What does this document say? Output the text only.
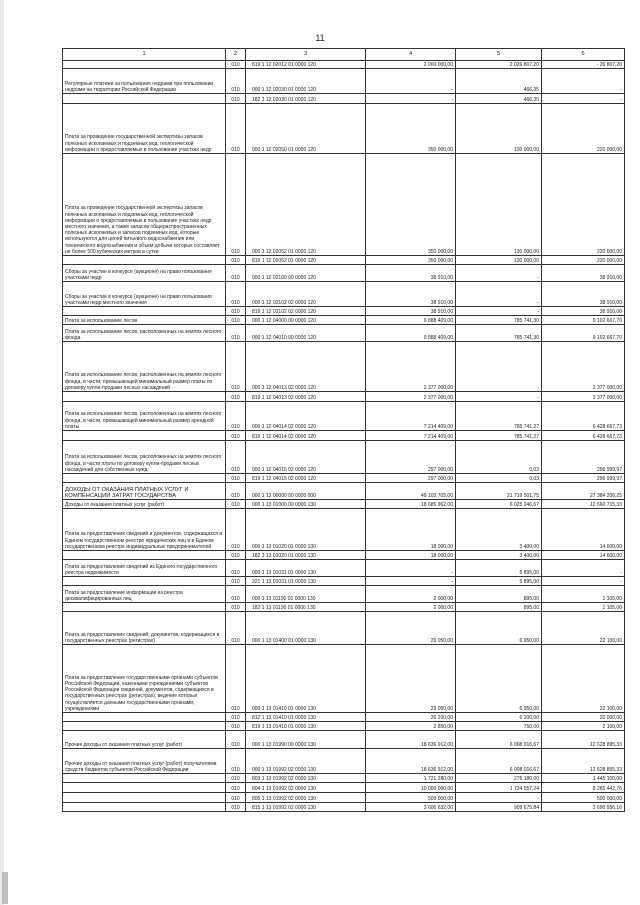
11
1	2	3	4	5	6
	010	819 1 12 02012 01 0000 120	2 000 000,00	2 026 807,20	- 26 807,20
Регулярные платежи за пользование недрами при пользовании недрами на территории Российской Федерации	010	000 1 12 02030 01 0000 120	-	466,35	-
	010	182 1 12 02030 01 0000 120	-	466,35	-
Плата за проведение государственной экспертизы запасов полезных ископаемых и подземных вод, геологической информации о предоставляемых в пользование участках недр	010	000 1 12 02050 01 0000 120	350 000,00	130 000,00	220 000,00
Плата за проведение государственной экспертизы запасов полезных ископаемых и подземных вод, геологической информации о предоставляемых в пользование участках недр местного значения, а также запасов общераспространенных полезных ископаемых и запасов подземных вод, которые используются для целей питьевого водоснабжения или технического водоснабжения и объем добычи которых составляет не более 500 кубических метров в сутки	010	000 1 12 02052 01 0000 120	350 000,00	130 000,00	220 000,00
	010	819 1 12 02052 01 0000 120	350 000,00	130 000,00	220 000,00
Сборы за участие в конкурсе (аукционе) на право пользования участками недр	010	000 1 12 02100 00 0000 120	38 910,00	-	38 910,00
Сборы за участие в конкурсе (аукционе) на право пользования участками недр местного значения	010	000 1 12 02102 02 0000 120	38 910,00	-	38 910,00
	010	819 1 12 02102 02 0000 120	38 910,00	-	38 910,00
Плата за использование лесов	010	000 1 12 04000 00 0000 120	9 888 409,00	785 741,30	9 102 667,70
Плата за использование лесов, расположенных на землях лесного фонда	010	000 1 12 04010 00 0000 120	9 888 409,00	785 741,30	9 102 667,70
Плата за использование лесов, расположенных на землях лесного фонда, в части, превышающей минимальный размер платы по договору купли-продажи лесных насаждений	010	000 1 12 04013 02 0000 120	2 377 000,00	-	2 377 000,00
	010	819 1 12 04013 02 0000 120	2 377 000,00	-	2 377 000,00
Плата за использование лесов, расположенных на землях лесного фонда, в части, превышающей минимальный размер арендной платы	010	000 1 12 04014 02 0000 120	7 214 409,00	785 741,27	6 428 667,73
	010	819 1 12 04014 02 0000 120	7 214 409,00	785 741,27	6 428 667,73
Плата за использование лесов, расположенных на землях лесного фонда, в части платы по договору купли-продажи лесных насаждений для собственных нужд	010	000 1 12 04015 02 0000 120	297 000,00	0,03	296 999,97
	010	819 1 12 04015 02 0000 120	297 000,00	0,03	296 999,97
ДОХОДЫ ОТ ОКАЗАНИЯ ПЛАТНЫХ УСЛУГ И КОМПЕНСАЦИИ ЗАТРАТ ГОСУДАРСТВА	010	000 1 13 00000 00 0000 000	49 103 705,00	21 719 501,75	27 384 206,25
Доходы от оказания платных услуг (работ)	010	000 1 13 01000 00 0000 130	18 685 962,00	6 025 246,67	12 660 715,33
Плата за предоставление сведений и документов, содержащихся в Едином государственном реестре юридических лиц и в Едином государственном реестре индивидуальных предпринимателей	010	000 1 13 01020 01 0000 130	18 000,00	3 400,00	14 600,00
	010	182 1 13 01020 01 0000 130	18 000,00	3 400,00	14 600,00
Плата за предоставление сведений из Единого государственного реестра недвижимости	010	000 1 13 01031 01 0000 130	-	5 895,00	-
	010	321 1 13 01031 01 0000 130	-	5 895,00	-
Плата за предоставление информации из реестра дисквалифицированных лиц	010	000 1 13 01190 01 0000 130	2 000,00	895,00	1 105,00
	010	182 1 13 01190 01 0000 130	2 000,00	895,00	1 105,00
Плата за предоставление сведений, документов, содержащихся в государственных реестрах (регистрах)	010	000 1 13 01400 01 0000 130	29 050,00	6 950,00	22 100,00
Плата за предоставление государственными органами субъектов Российской Федерации, казенными учреждениями субъектов Российской Федерации сведений, документов, содержащихся в государственных реестрах (регистрах), ведение которых осуществляется данными государственными органами, учреждениями	010	000 1 13 01410 01 0000 130	29 050,00	6 950,00	22 100,00
	010	812 1 13 01410 01 0000 130	26 200,00	6 200,00	20 000,00
	010	819 1 13 01410 01 0000 130	2 850,00	750,00	2 100,00
Прочие доходы от оказания платных услуг (работ)	010	000 1 13 01990 00 0000 130	18 636 912,00	6 008 016,67	12 628 895,33
Прочие доходы от оказания платных услуг (работ) получателями средств бюджетов субъектов Российской Федерации	010	000 1 13 01992 02 0000 130	18 636 912,00	6 008 016,67	12 628 895,33
	010	803 1 13 01992 02 0000 130	1 721 280,00	276 180,00	1 445 100,00
	010	804 1 13 01992 02 0000 130	10 000 000,00	1 734 557,24	8 265 442,76
	010	805 1 13 01992 02 0000 130	500 000,00	-	500 000,00
	010	815 1 13 01992 02 0000 130	3 600 632,00	909 675,84	2 690 956,16
